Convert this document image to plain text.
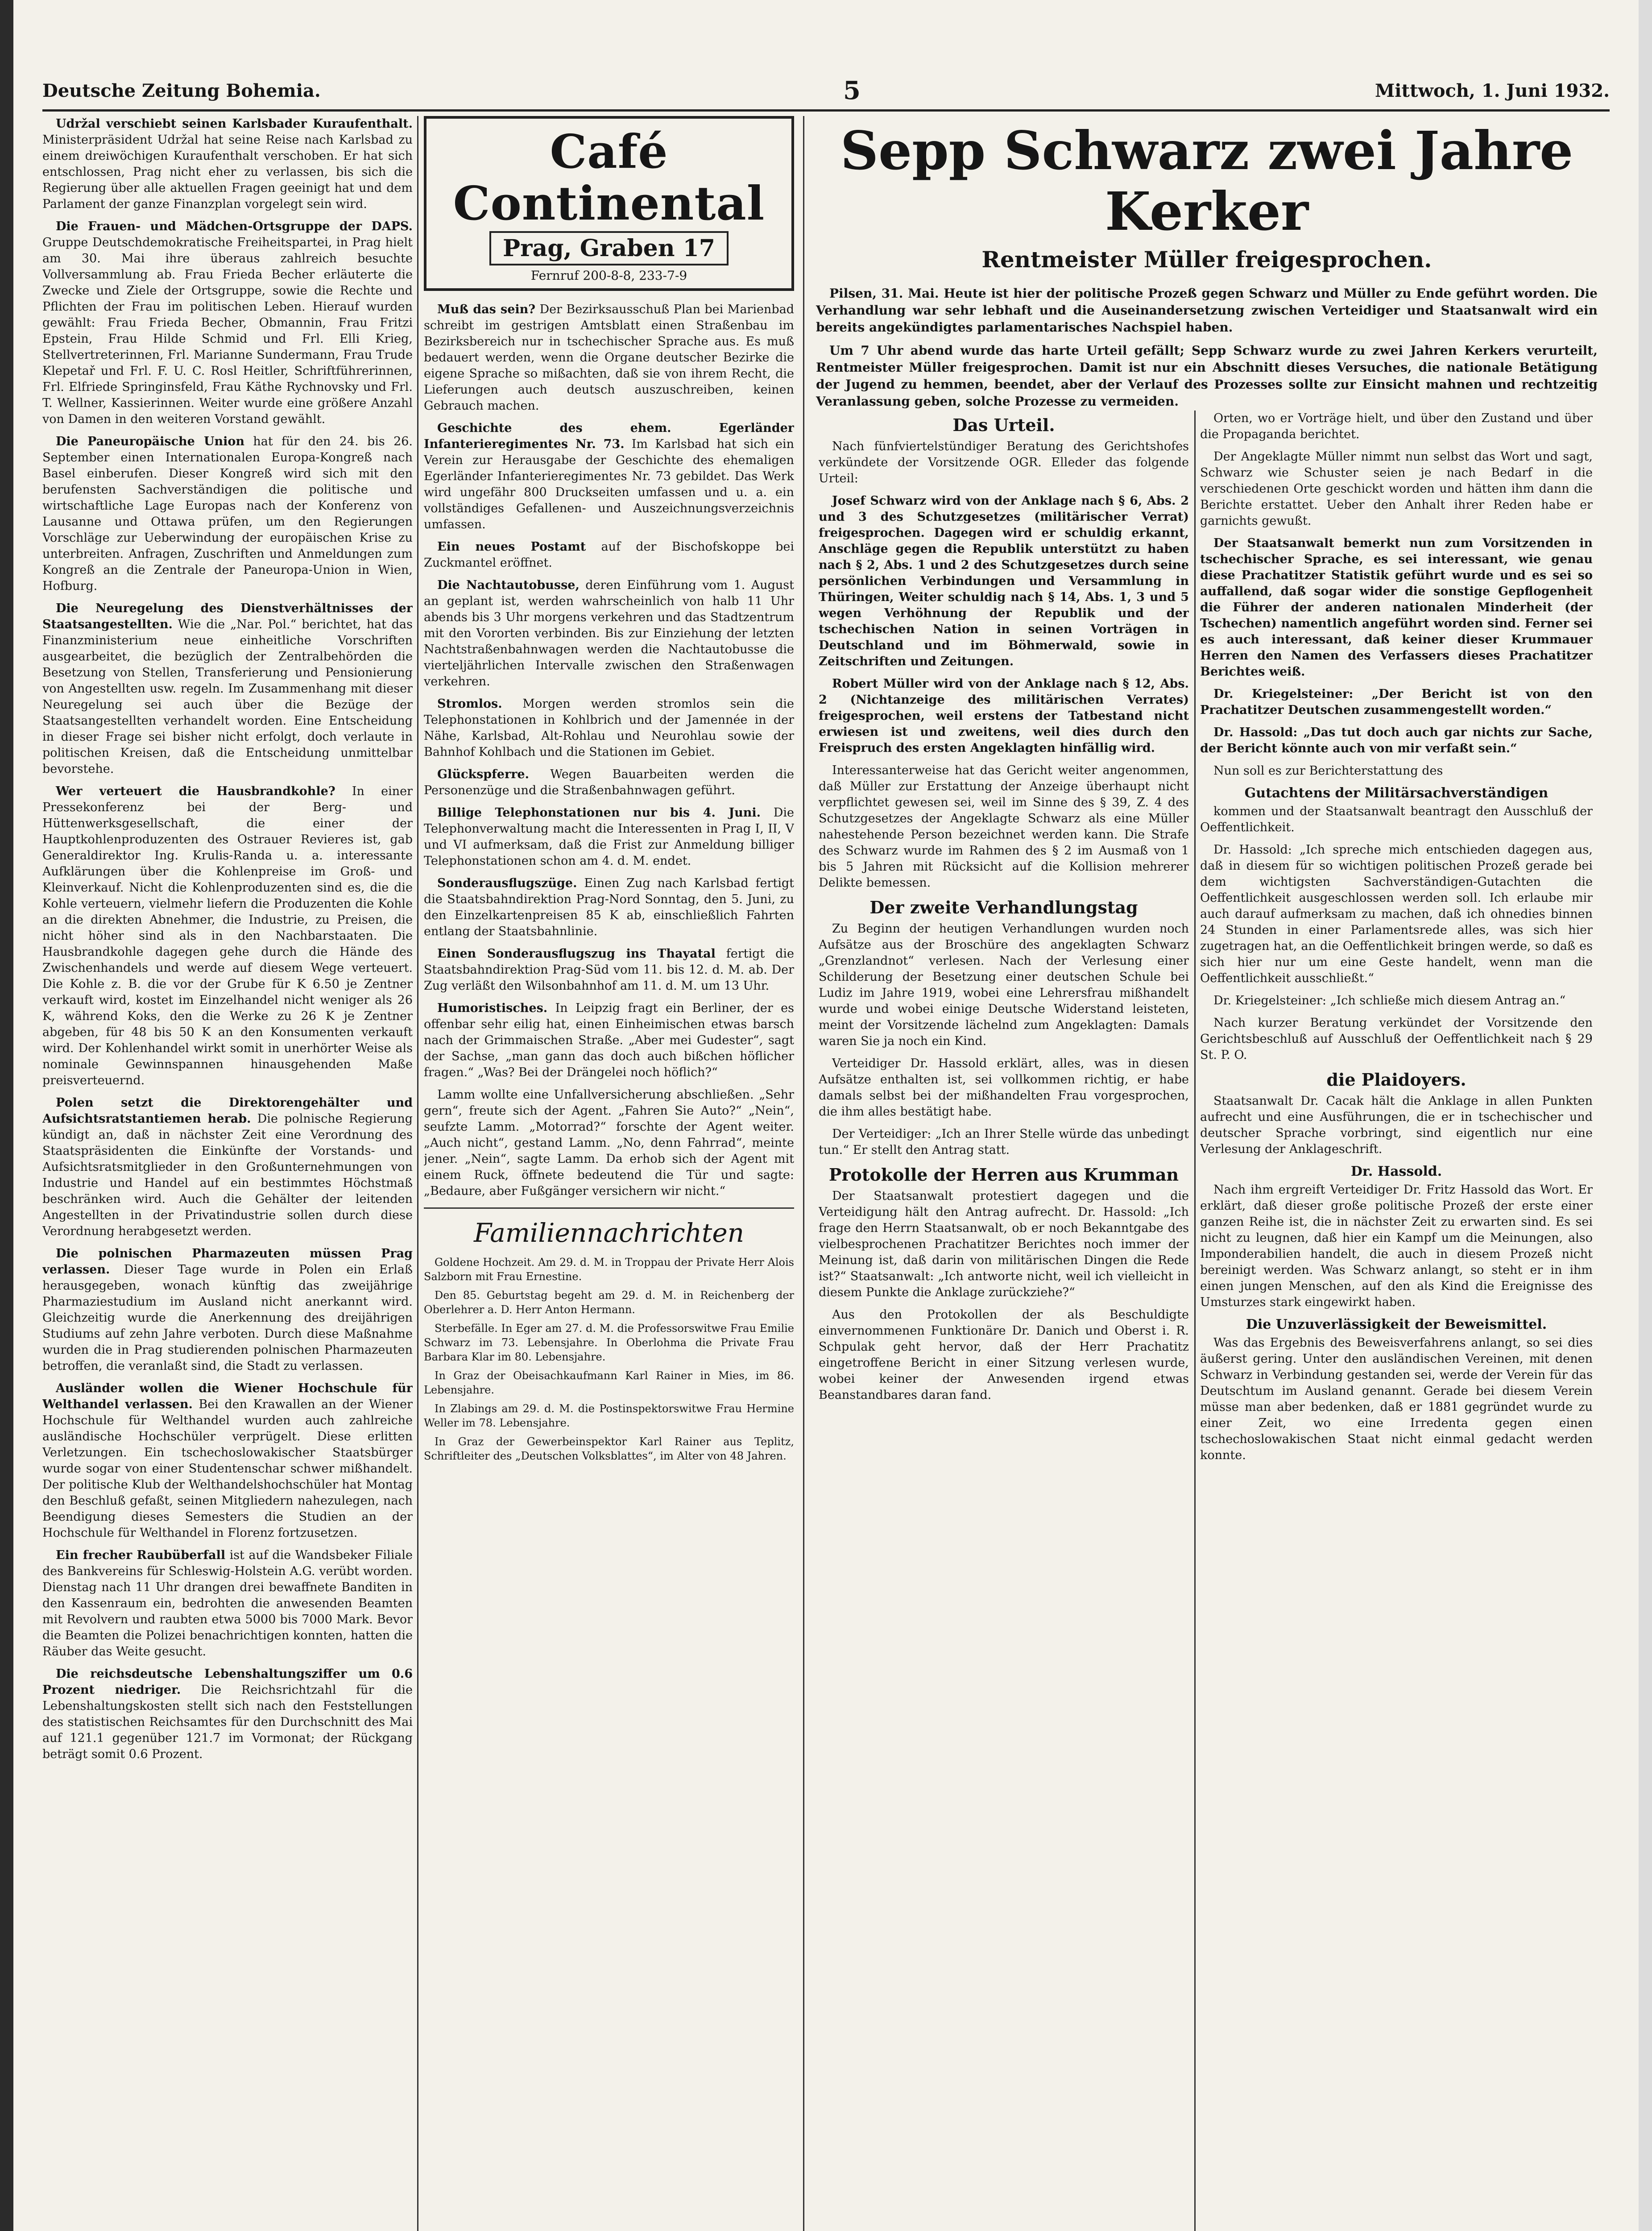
Deutsche Zeitung Bohemia.	5	Mittwoch, 1. Juni 1932.

Udržal verschiebt seinen Karlsbader Kuraufenthalt. Ministerpräsident Udržal hat seine Reise nach Karlsbad zu einem dreiwöchigen Kuraufenthalt verschoben. Er hat sich entschlossen, Prag nicht eher zu verlassen, bis sich die Regierung über alle aktuellen Fragen geeinigt hat und dem Parlament der ganze Finanzplan vorgelegt sein wird.

Die Frauen- und Mädchen-Ortsgruppe der DAPS. Gruppe Deutschdemokratische Freiheitspartei, in Prag hielt am 30. Mai ihre überaus zahlreich besuchte Vollversammlung ab. Frau Frieda Becher erläuterte die Zwecke und Ziele der Ortsgruppe, sowie die Rechte und Pflichten der Frau im politischen Leben. Hierauf wurden gewählt: Frau Frieda Becher, Obmannin, Frau Fritzi Epstein, Frau Hilde Schmid und Frl. Elli Krieg, Stellvertreterinnen, Frl. Marianne Sundermann, Frau Trude Klepetař und Frl. F. U. C. Rosl Heitler, Schriftführerinnen, Frl. Elfriede Springinsfeld, Frau Käthe Rychnovsky und Frl. T. Wellner, Kassierinnen. Weiter wurde eine größere Anzahl von Damen in den weiteren Vorstand gewählt.

Die Paneuropäische Union hat für den 24. bis 26. September einen Internationalen Europa-Kongreß nach Basel einberufen. Dieser Kongreß wird sich mit den berufensten Sachverständigen die politische und wirtschaftliche Lage Europas nach der Konferenz von Lausanne und Ottawa prüfen, um den Regierungen Vorschläge zur Ueberwindung der europäischen Krise zu unterbreiten. Anfragen, Zuschriften und Anmeldungen zum Kongreß an die Zentrale der Paneuropa-Union in Wien, Hofburg.

Die Neuregelung des Dienstverhältnisses der Staatsangestellten. Wie die „Nar. Pol.“ berichtet, hat das Finanzministerium neue einheitliche Vorschriften ausgearbeitet, die bezüglich der Zentralbehörden die Besetzung von Stellen, Transferierung und Pensionierung von Angestellten usw. regeln. Im Zusammenhang mit dieser Neuregelung sei auch über die Bezüge der Staatsangestellten verhandelt worden. Eine Entscheidung in dieser Frage sei bisher nicht erfolgt, doch verlaute in politischen Kreisen, daß die Entscheidung unmittelbar bevorstehe.

Wer verteuert die Hausbrandkohle? In einer Pressekonferenz bei der Berg- und Hüttenwerksgesellschaft, die einer der Hauptkohlenproduzenten des Ostrauer Revieres ist, gab Generaldirektor Ing. Krulis-Randa u. a. interessante Aufklärungen über die Kohlenpreise im Groß- und Kleinverkauf. Nicht die Kohlenproduzenten sind es, die die Kohle verteuern, vielmehr liefern die Produzenten die Kohle an die direkten Abnehmer, die Industrie, zu Preisen, die nicht höher sind als in den Nachbarstaaten. Die Hausbrandkohle dagegen gehe durch die Hände des Zwischenhandels und werde auf diesem Wege verteuert. Die Kohle z. B. die vor der Grube für K 6.50 je Zentner verkauft wird, kostet im Einzelhandel nicht weniger als 26 K, während Koks, den die Werke zu 26 K je Zentner abgeben, für 48 bis 50 K an den Konsumenten verkauft wird. Der Kohlenhandel wirkt somit in unerhörter Weise als nominale Gewinnspannen hinausgehenden Maße preisverteuernd.

Polen setzt die Direktorengehälter und Aufsichtsratstantiemen herab. Die polnische Regierung kündigt an, daß in nächster Zeit eine Verordnung des Staatspräsidenten die Einkünfte der Vorstands- und Aufsichtsratsmitglieder in den Großunternehmungen von Industrie und Handel auf ein bestimmtes Höchstmaß beschränken wird. Auch die Gehälter der leitenden Angestellten in der Privatindustrie sollen durch diese Verordnung herabgesetzt werden.

Die polnischen Pharmazeuten müssen Prag verlassen. Dieser Tage wurde in Polen ein Erlaß herausgegeben, wonach künftig das zweijährige Pharmaziestudium im Ausland nicht anerkannt wird. Gleichzeitig wurde die Anerkennung des dreijährigen Studiums auf zehn Jahre verboten. Durch diese Maßnahme wurden die in Prag studierenden polnischen Pharmazeuten betroffen, die veranlaßt sind, die Stadt zu verlassen.

Ausländer wollen die Wiener Hochschule für Welthandel verlassen. Bei den Krawallen an der Wiener Hochschule für Welthandel wurden auch zahlreiche ausländische Hochschüler verprügelt. Diese erlitten Verletzungen. Ein tschechoslowakischer Staatsbürger wurde sogar von einer Studentenschar schwer mißhandelt. Der politische Klub der Welthandelshochschüler hat Montag den Beschluß gefaßt, seinen Mitgliedern nahezulegen, nach Beendigung dieses Semesters die Studien an der Hochschule für Welthandel in Florenz fortzusetzen.

Ein frecher Raubüberfall ist auf die Wandsbeker Filiale des Bankvereins für Schleswig-Holstein A.G. verübt worden. Dienstag nach 11 Uhr drangen drei bewaffnete Banditen in den Kassenraum ein, bedrohten die anwesenden Beamten mit Revolvern und raubten etwa 5000 bis 7000 Mark. Bevor die Beamten die Polizei benachrichtigen konnten, hatten die Räuber das Weite gesucht.

Die reichsdeutsche Lebenshaltungsziffer um 0.6 Prozent niedriger. Die Reichsrichtzahl für die Lebenshaltungskosten stellt sich nach den Feststellungen des statistischen Reichsamtes für den Durchschnitt des Mai auf 121.1 gegenüber 121.7 im Vormonat; der Rückgang beträgt somit 0.6 Prozent.

Café Continental
Prag, Graben 17
Fernruf 200-8-8, 233-7-9

Muß das sein? Der Bezirksausschuß Plan bei Marienbad schreibt im gestrigen Amtsblatt einen Straßenbau im Bezirksbereich nur in tschechischer Sprache aus. Es muß bedauert werden, wenn die Organe deutscher Bezirke die eigene Sprache so mißachten, daß sie von ihrem Recht, die Lieferungen auch deutsch auszuschreiben, keinen Gebrauch machen.

Geschichte des ehem. Egerländer Infanterieregimentes Nr. 73. Im Karlsbad hat sich ein Verein zur Herausgabe der Geschichte des ehemaligen Egerländer Infanterieregimentes Nr. 73 gebildet. Das Werk wird ungefähr 800 Druckseiten umfassen und u. a. ein vollständiges Gefallenen- und Auszeichnungsverzeichnis umfassen.

Ein neues Postamt auf der Bischofskoppe bei Zuckmantel eröffnet.

Die Nachtautobusse, deren Einführung vom 1. August an geplant ist, werden wahrscheinlich von halb 11 Uhr abends bis 3 Uhr morgens verkehren und das Stadtzentrum mit den Vororten verbinden. Bis zur Einziehung der letzten Nachtstraßenbahnwagen werden die Nachtautobusse die vierteljährlichen Intervalle zwischen den Straßenwagen verkehren.

Stromlos. Morgen werden stromlos sein die Telephonstationen in Kohlbrich und der Jamennée in der Nähe, Karlsbad, Alt-Rohlau und Neurohlau sowie der Bahnhof Kohlbach und die Stationen im Gebiet.

Glückspferre. Wegen Bauarbeiten werden die Personenzüge und die Straßenbahnwagen geführt.

Billige Telephonstationen nur bis 4. Juni. Die Telephonverwaltung macht die Interessenten in Prag I, II, V und VI aufmerksam, daß die Frist zur Anmeldung billiger Telephonstationen schon am 4. d. M. endet.

Sonderausflugszüge. Einen Zug nach Karlsbad fertigt die Staatsbahndirektion Prag-Nord Sonntag, den 5. Juni, zu den Einzelkartenpreisen 85 K ab, einschließlich Fahrten entlang der Staatsbahnlinie.

Einen Sonderausflugszug ins Thayatal fertigt die Staatsbahndirektion Prag-Süd vom 11. bis 12. d. M. ab. Der Zug verläßt den Wilsonbahnhof am 11. d. M. um 13 Uhr.

Humoristisches. In Leipzig fragt ein Berliner, der es offenbar sehr eilig hat, einen Einheimischen etwas barsch nach der Grimmaischen Straße. „Aber mei Gudester“, sagt der Sachse, „man gann das doch auch bißchen höflicher fragen.“ „Was? Bei der Drängelei noch höflich?“

Lamm wollte eine Unfallversicherung abschließen. „Sehr gern“, freute sich der Agent. „Fahren Sie Auto?“ „Nein“, seufzte Lamm. „Motorrad?“ forschte der Agent weiter. „Auch nicht“, gestand Lamm. „No, denn Fahrrad“, meinte jener. „Nein“, sagte Lamm. Da erhob sich der Agent mit einem Ruck, öffnete bedeutend die Tür und sagte: „Bedaure, aber Fußgänger versichern wir nicht.“

Familiennachrichten

Goldene Hochzeit. Am 29. d. M. in Troppau der Private Herr Alois Salzborn mit Frau Ernestine.

Den 85. Geburtstag begeht am 29. d. M. in Reichenberg der Oberlehrer a. D. Herr Anton Hermann.

Sterbefälle. In Eger am 27. d. M. die Professorswitwe Frau Emilie Schwarz im 73. Lebensjahre. In Oberlohma die Private Frau Barbara Klar im 80. Lebensjahre.

In Graz der Obeisachkaufmann Karl Rainer in Mies, im 86. Lebensjahre.

In Zlabings am 29. d. M. die Postinspektorswitwe Frau Hermine Weller im 78. Lebensjahre.

In Graz der Gewerbeinspektor Karl Rainer aus Teplitz, Schriftleiter des „Deutschen Volksblattes“, im Alter von 48 Jahren.

Sepp Schwarz zwei Jahre Kerker
Rentmeister Müller freigesprochen.

Pilsen, 31. Mai. Heute ist hier der politische Prozeß gegen Schwarz und Müller zu Ende geführt worden. Die Verhandlung war sehr lebhaft und die Auseinandersetzung zwischen Verteidiger und Staatsanwalt wird ein bereits angekündigtes parlamentarisches Nachspiel haben.

Um 7 Uhr abend wurde das harte Urteil gefällt; Sepp Schwarz wurde zu zwei Jahren Kerkers verurteilt, Rentmeister Müller freigesprochen. Damit ist nur ein Abschnitt dieses Versuches, die nationale Betätigung der Jugend zu hemmen, beendet, aber der Verlauf des Prozesses sollte zur Einsicht mahnen und rechtzeitig Veranlassung geben, solche Prozesse zu vermeiden.

Das Urteil.

Nach fünfviertelstündiger Beratung des Gerichtshofes verkündete der Vorsitzende OGR. Elleder das folgende Urteil:

Josef Schwarz wird von der Anklage nach § 6, Abs. 2 und 3 des Schutzgesetzes (militärischer Verrat) freigesprochen. Dagegen wird er schuldig erkannt, Anschläge gegen die Republik unterstützt zu haben nach § 2, Abs. 1 und 2 des Schutzgesetzes durch seine persönlichen Verbindungen und Versammlung in Thüringen, Weiter schuldig nach § 14, Abs. 1, 3 und 5 wegen Verhöhnung der Republik und der tschechischen Nation in seinen Vorträgen in Deutschland und im Böhmerwald, sowie in Zeitschriften und Zeitungen.

Robert Müller wird von der Anklage nach § 12, Abs. 2 (Nichtanzeige des militärischen Verrates) freigesprochen, weil erstens der Tatbestand nicht erwiesen ist und zweitens, weil dies durch den Freispruch des ersten Angeklagten hinfällig wird.

Interessanterweise hat das Gericht weiter angenommen, daß Müller zur Erstattung der Anzeige überhaupt nicht verpflichtet gewesen sei, weil im Sinne des § 39, Z. 4 des Schutzgesetzes der Angeklagte Schwarz als eine Müller nahestehende Person bezeichnet werden kann. Die Strafe des Schwarz wurde im Rahmen des § 2 im Ausmaß von 1 bis 5 Jahren mit Rücksicht auf die Kollision mehrerer Delikte bemessen.

Der zweite Verhandlungstag

Zu Beginn der heutigen Verhandlungen wurden noch Aufsätze aus der Broschüre des angeklagten Schwarz „Grenzlandnot“ verlesen. Nach der Verlesung einer Schilderung der Besetzung einer deutschen Schule bei Ludiz im Jahre 1919, wobei eine Lehrersfrau mißhandelt wurde und wobei einige Deutsche Widerstand leisteten, meint der Vorsitzende lächelnd zum Angeklagten: Damals waren Sie ja noch ein Kind.

Verteidiger Dr. Hassold erklärt, alles, was in diesen Aufsätze enthalten ist, sei vollkommen richtig, er habe damals selbst bei der mißhandelten Frau vorgesprochen, die ihm alles bestätigt habe.

Der Verteidiger: „Ich an Ihrer Stelle würde das unbedingt tun.“ Er stellt den Antrag statt.

Protokolle der Herren aus Krumman

Der Staatsanwalt protestiert dagegen und die Verteidigung hält den Antrag aufrecht. Dr. Hassold: „Ich frage den Herrn Staatsanwalt, ob er noch Bekanntgabe des vielbesprochenen Prachatitzer Berichtes noch immer der Meinung ist, daß darin von militärischen Dingen die Rede ist?“ Staatsanwalt: „Ich antworte nicht, weil ich vielleicht in diesem Punkte die Anklage zurückziehe?“

Aus den Protokollen der als Beschuldigte einvernommenen Funktionäre Dr. Danich und Oberst i. R. Schpulak geht hervor, daß der Herr Prachatitz eingetroffene Bericht in einer Sitzung verlesen wurde, wobei keiner der Anwesenden irgend etwas Beanstandbares daran fand.

Orten, wo er Vorträge hielt, und über den Zustand und über die Propaganda berichtet.

Der Angeklagte Müller nimmt nun selbst das Wort und sagt, Schwarz wie Schuster seien je nach Bedarf in die verschiedenen Orte geschickt worden und hätten ihm dann die Berichte erstattet. Ueber den Anhalt ihrer Reden habe er garnichts gewußt.

Der Staatsanwalt bemerkt nun zum Vorsitzenden in tschechischer Sprache, es sei interessant, wie genau diese Prachatitzer Statistik geführt wurde und es sei so auffallend, daß sogar wider die sonstige Gepflogenheit die Führer der anderen nationalen Minderheit (der Tschechen) namentlich angeführt worden sind. Ferner sei es auch interessant, daß keiner dieser Krummauer Herren den Namen des Verfassers dieses Prachatitzer Berichtes weiß.

Dr. Kriegelsteiner: „Der Bericht ist von den Prachatitzer Deutschen zusammengestellt worden.“

Dr. Hassold: „Das tut doch auch gar nichts zur Sache, der Bericht könnte auch von mir verfaßt sein.“

Nun soll es zur Berichterstattung des

Gutachtens der Militärsachverständigen

kommen und der Staatsanwalt beantragt den Ausschluß der Oeffentlichkeit.

Dr. Hassold: „Ich spreche mich entschieden dagegen aus, daß in diesem für so wichtigen politischen Prozeß gerade bei dem wichtigsten Sachverständigen-Gutachten die Oeffentlichkeit ausgeschlossen werden soll. Ich erlaube mir auch darauf aufmerksam zu machen, daß ich ohnedies binnen 24 Stunden in einer Parlamentsrede alles, was sich hier zugetragen hat, an die Oeffentlichkeit bringen werde, so daß es sich hier nur um eine Geste handelt, wenn man die Oeffentlichkeit ausschließt.“

Dr. Kriegelsteiner: „Ich schließe mich diesem Antrag an.“

Nach kurzer Beratung verkündet der Vorsitzende den Gerichtsbeschluß auf Ausschluß der Oeffentlichkeit nach § 29 St. P. O.

die Plaidoyers.

Staatsanwalt Dr. Cacak hält die Anklage in allen Punkten aufrecht und eine Ausführungen, die er in tschechischer und deutscher Sprache vorbringt, sind eigentlich nur eine Verlesung der Anklageschrift.

Dr. Hassold.

Nach ihm ergreift Verteidiger Dr. Fritz Hassold das Wort. Er erklärt, daß dieser große politische Prozeß der erste einer ganzen Reihe ist, die in nächster Zeit zu erwarten sind. Es sei nicht zu leugnen, daß hier ein Kampf um die Meinungen, also Imponderabilien handelt, die auch in diesem Prozeß nicht bereinigt werden. Was Schwarz anlangt, so steht er in ihm einen jungen Menschen, auf den als Kind die Ereignisse des Umsturzes stark eingewirkt haben.

Die Unzuverlässigkeit der Beweismittel.

Was das Ergebnis des Beweisverfahrens anlangt, so sei dies äußerst gering. Unter den ausländischen Vereinen, mit denen Schwarz in Verbindung gestanden sei, werde der Verein für das Deutschtum im Ausland genannt. Gerade bei diesem Verein müsse man aber bedenken, daß er 1881 gegründet wurde zu einer Zeit, wo eine Irredenta gegen einen tschechoslowakischen Staat nicht einmal gedacht werden konnte.
